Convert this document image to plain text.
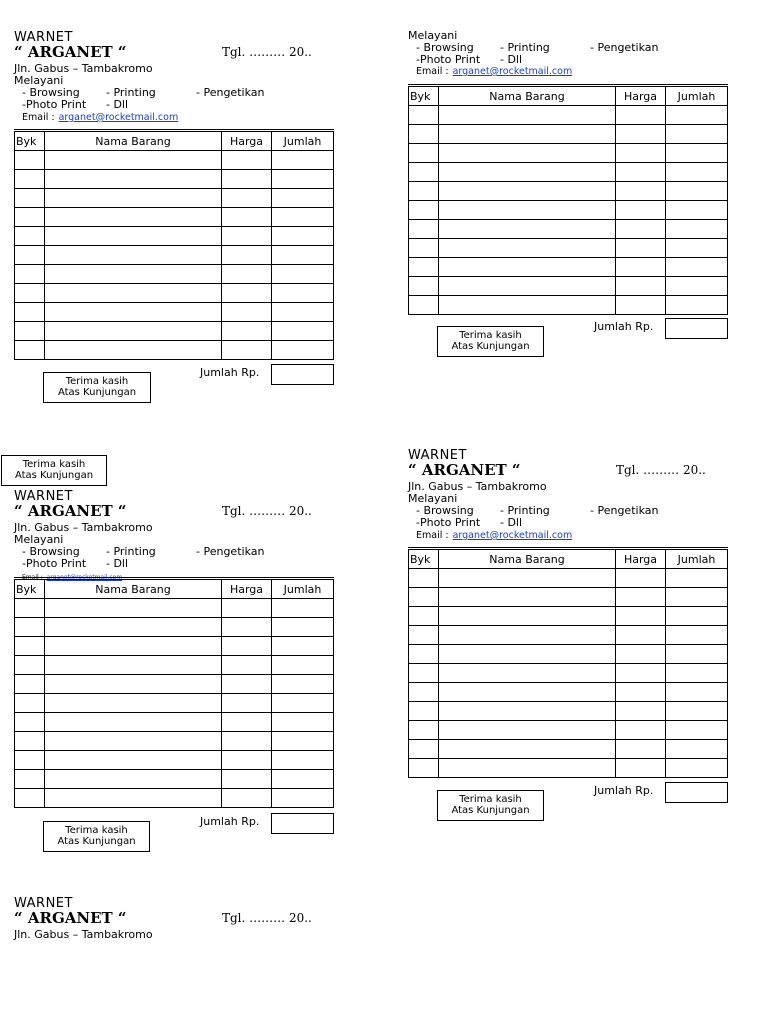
WARNET
“ ARGANET “	Tgl. ……… 20..
Jln. Gabus – Tambakromo
Melayani
- Browsing - Printing	- Pengetikan
-Photo Print - Dll
Email : arganet@rocketmail.com
Byk	Nama Barang	Harga	Jumlah

Jumlah Rp.
Terima kasih
Atas Kunjungan
Melayani
- Browsing - Printing	- Pengetikan
-Photo Print - Dll
Email : arganet@rocketmail.com
Byk	Nama Barang	Harga	Jumlah

Jumlah Rp.
Terima kasih
Atas Kunjungan
WARNET
“ ARGANET “	Tgl. ……… 20..
Jln. Gabus – Tambakromo
Melayani
- Browsing - Printing	- Pengetikan
-Photo Print - Dll
Email : arganet@rocketmail.com
Byk	Nama Barang	Harga	Jumlah

Jumlah Rp.
Terima kasih
Atas Kunjungan
WARNET
“ ARGANET “	Tgl. ……… 20..
Jln. Gabus – Tambakromo
Melayani
- Browsing - Printing	- Pengetikan
-Photo Print - Dll
Email : arganet@rocketmail.com
Byk	Nama Barang	Harga	Jumlah

Jumlah Rp.
Terima kasih
Atas Kunjungan
WARNET
“ ARGANET “	Tgl. ……… 20..
Jln. Gabus – Tambakromo
Terima kasih
Atas Kunjungan
